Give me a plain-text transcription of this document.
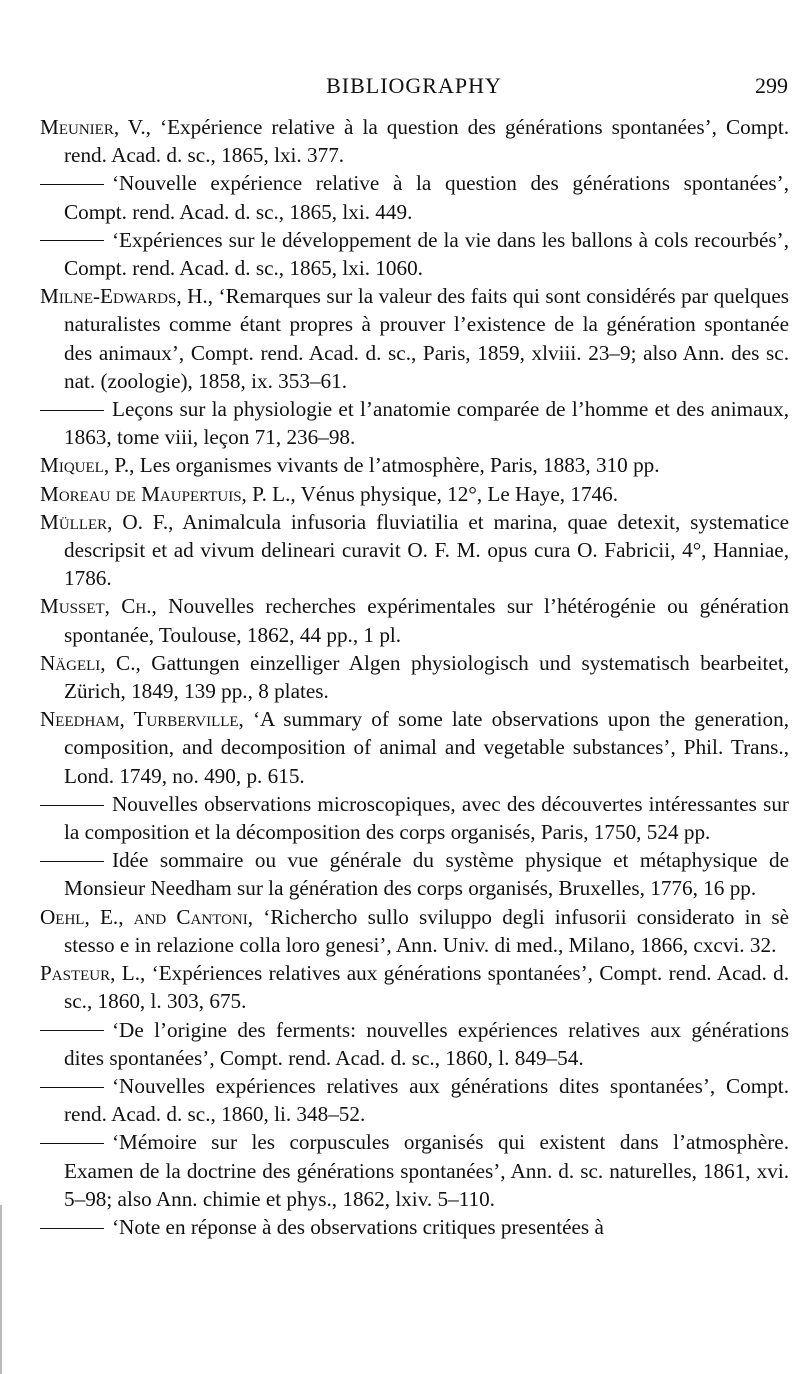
BIBLIOGRAPHY	299

Meunier, V., ‘Expérience relative à la question des générations spontanées’, Compt. rend. Acad. d. sc., 1865, lxi. 377.

‘Nouvelle expérience relative à la question des générations spontanées’, Compt. rend. Acad. d. sc., 1865, lxi. 449.

‘Expériences sur le développement de la vie dans les ballons à cols recourbés’, Compt. rend. Acad. d. sc., 1865, lxi. 1060.

Milne-Edwards, H., ‘Remarques sur la valeur des faits qui sont considérés par quelques naturalistes comme étant propres à prouver l’existence de la génération spontanée des animaux’, Compt. rend. Acad. d. sc., Paris, 1859, xlviii. 23–9; also Ann. des sc. nat. (zoologie), 1858, ix. 353–61.

Leçons sur la physiologie et l’anatomie comparée de l’homme et des animaux, 1863, tome viii, leçon 71, 236–98.

Miquel, P., Les organismes vivants de l’atmosphère, Paris, 1883, 310 pp.

Moreau de Maupertuis, P. L., Vénus physique, 12°, Le Haye, 1746.

Müller, O. F., Animalcula infusoria fluviatilia et marina, quae detexit, systematice descripsit et ad vivum delineari curavit O. F. M. opus cura O. Fabricii, 4°, Hanniae, 1786.

Musset, Ch., Nouvelles recherches expérimentales sur l’hétérogénie ou génération spontanée, Toulouse, 1862, 44 pp., 1 pl.

Nägeli, C., Gattungen einzelliger Algen physiologisch und systematisch bearbeitet, Zürich, 1849, 139 pp., 8 plates.

Needham, Turberville, ‘A summary of some late observations upon the generation, composition, and decomposition of animal and vegetable substances’, Phil. Trans., Lond. 1749, no. 490, p. 615.

Nouvelles observations microscopiques, avec des découvertes intéressantes sur la composition et la décomposition des corps organisés, Paris, 1750, 524 pp.

Idée sommaire ou vue générale du système physique et métaphysique de Monsieur Needham sur la génération des corps organisés, Bruxelles, 1776, 16 pp.

Oehl, E., and Cantoni, ‘Richercho sullo sviluppo degli infusorii considerato in sè stesso e in relazione colla loro genesi’, Ann. Univ. di med., Milano, 1866, cxcvi. 32.

Pasteur, L., ‘Expériences relatives aux générations spontanées’, Compt. rend. Acad. d. sc., 1860, l. 303, 675.

‘De l’origine des ferments: nouvelles expériences relatives aux générations dites spontanées’, Compt. rend. Acad. d. sc., 1860, l. 849–54.

‘Nouvelles expériences relatives aux générations dites spontanées’, Compt. rend. Acad. d. sc., 1860, li. 348–52.

‘Mémoire sur les corpuscules organisés qui existent dans l’atmosphère. Examen de la doctrine des générations spontanées’, Ann. d. sc. naturelles, 1861, xvi. 5–98; also Ann. chimie et phys., 1862, lxiv. 5–110.

‘Note en réponse à des observations critiques presentées à
